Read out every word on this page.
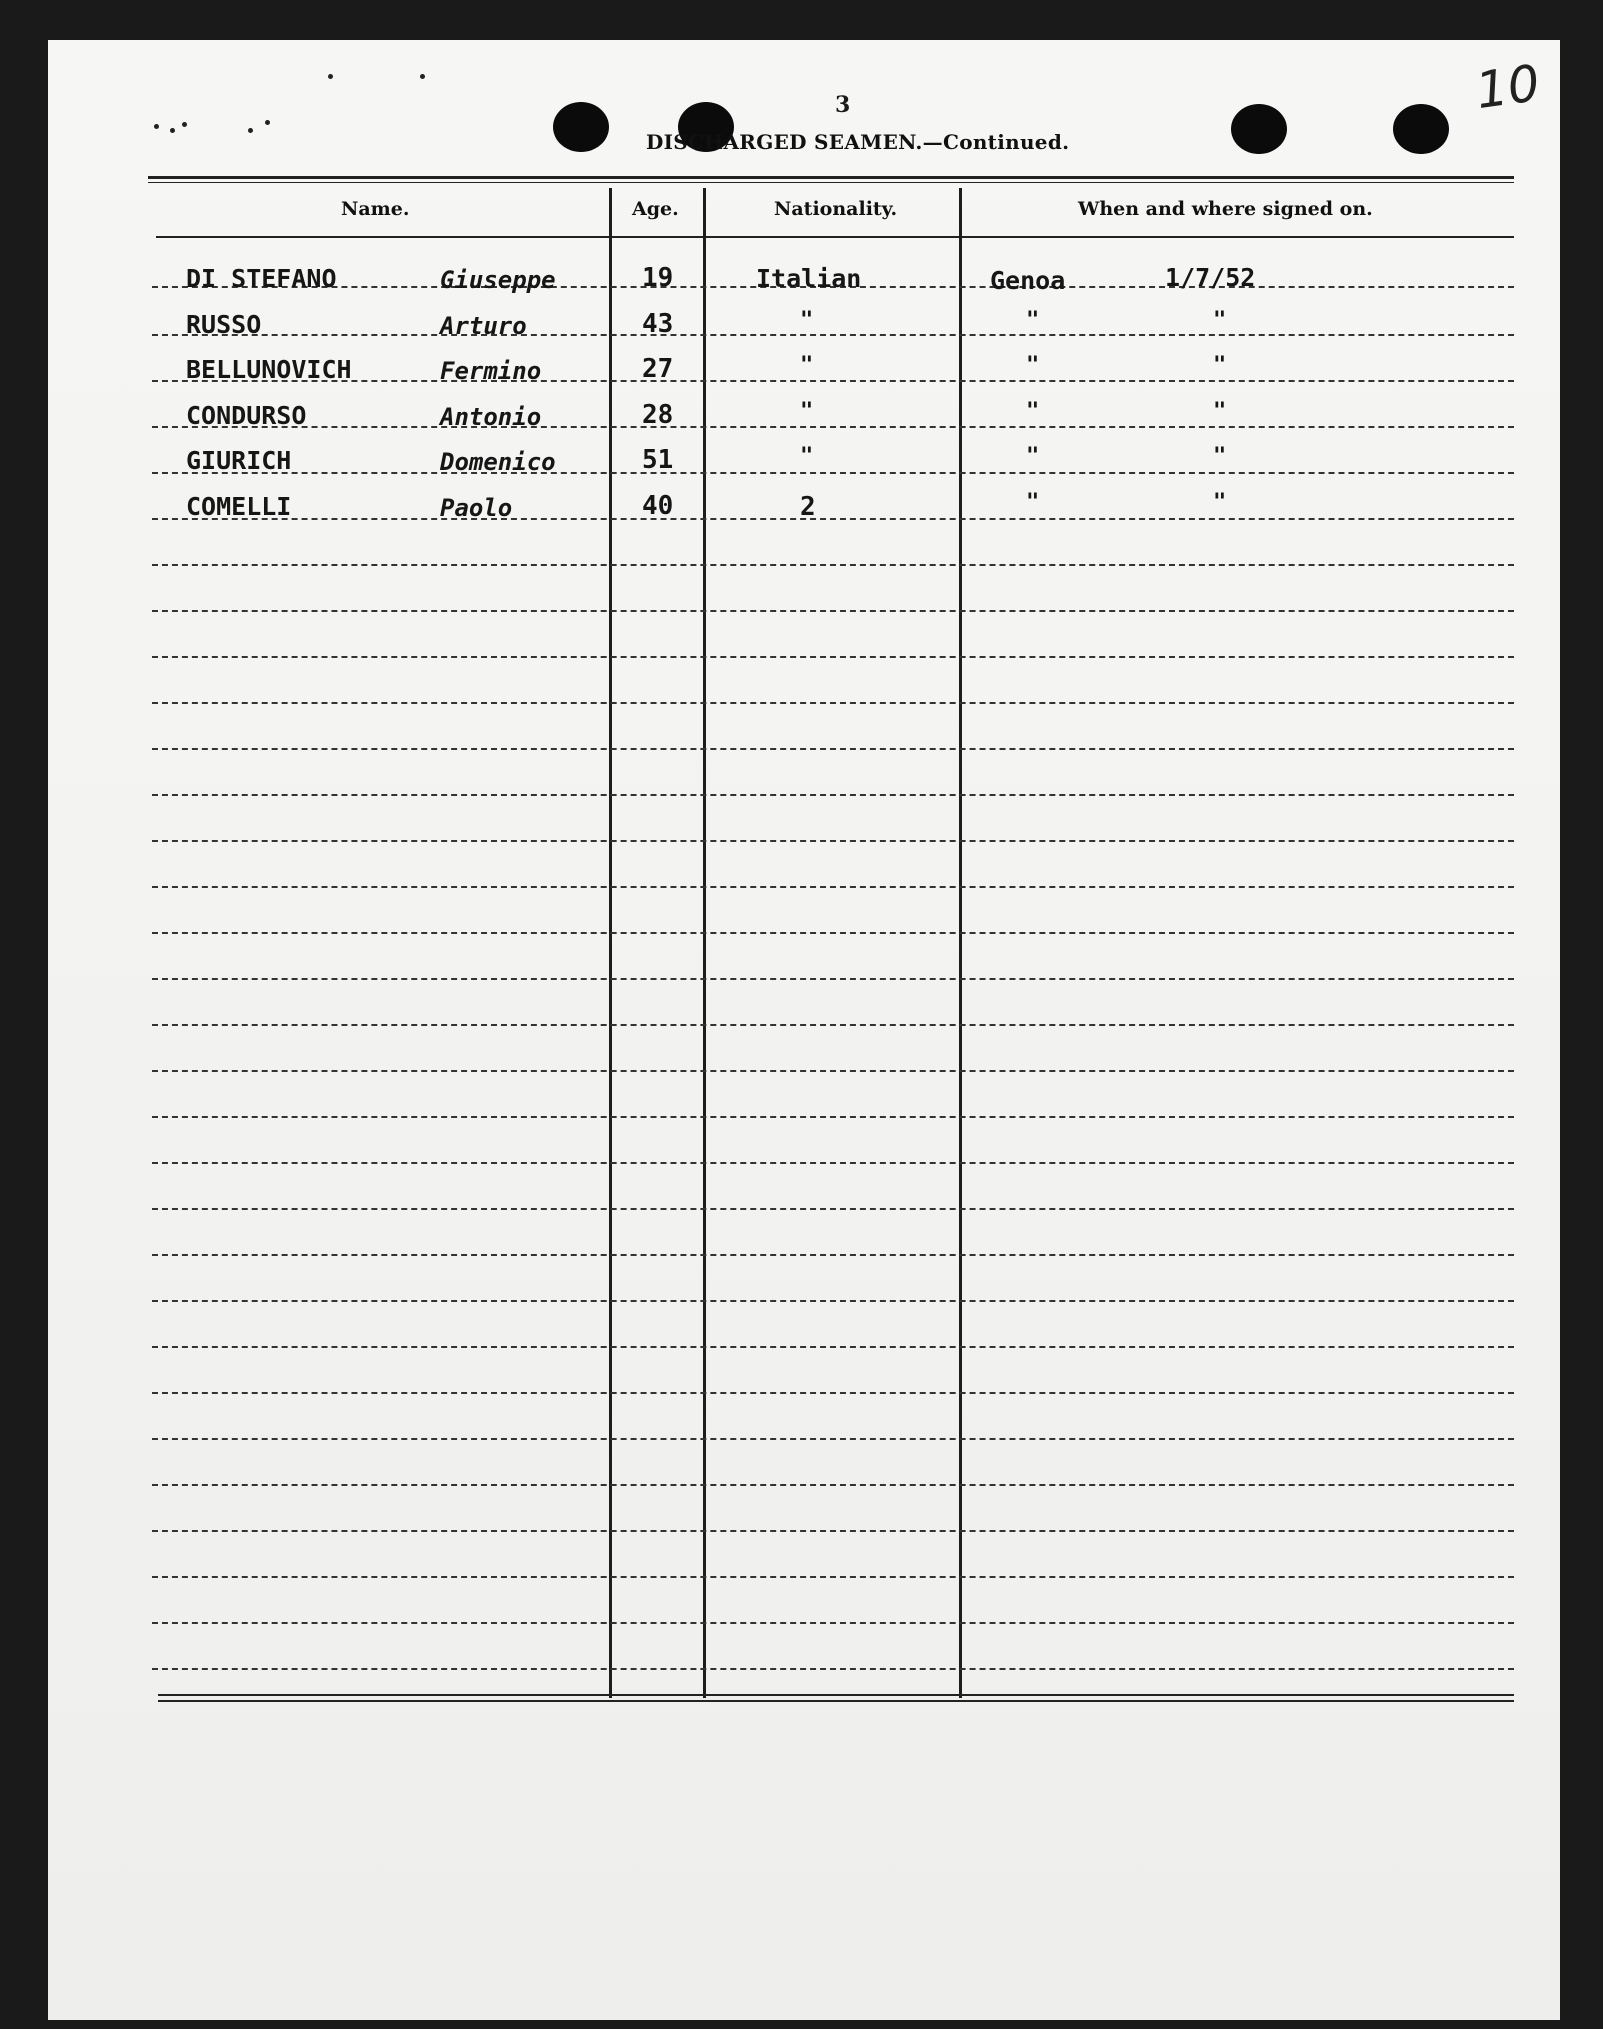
10
3
DISCHARGED SEAMEN.—Continued.
Name.	Age.	Nationality.	When and where signed on.
DI STEFANO	Giuseppe	19	Italian	Genoa	1/7/52
RUSSO	Arturo	43	"	"	"
BELLUNOVICH	Fermino	27	"	"	"
CONDURSO	Antonio	28	"	"	"
GIURICH	Domenico	51	"	"	"
COMELLI	Paolo	40	2	"	"
